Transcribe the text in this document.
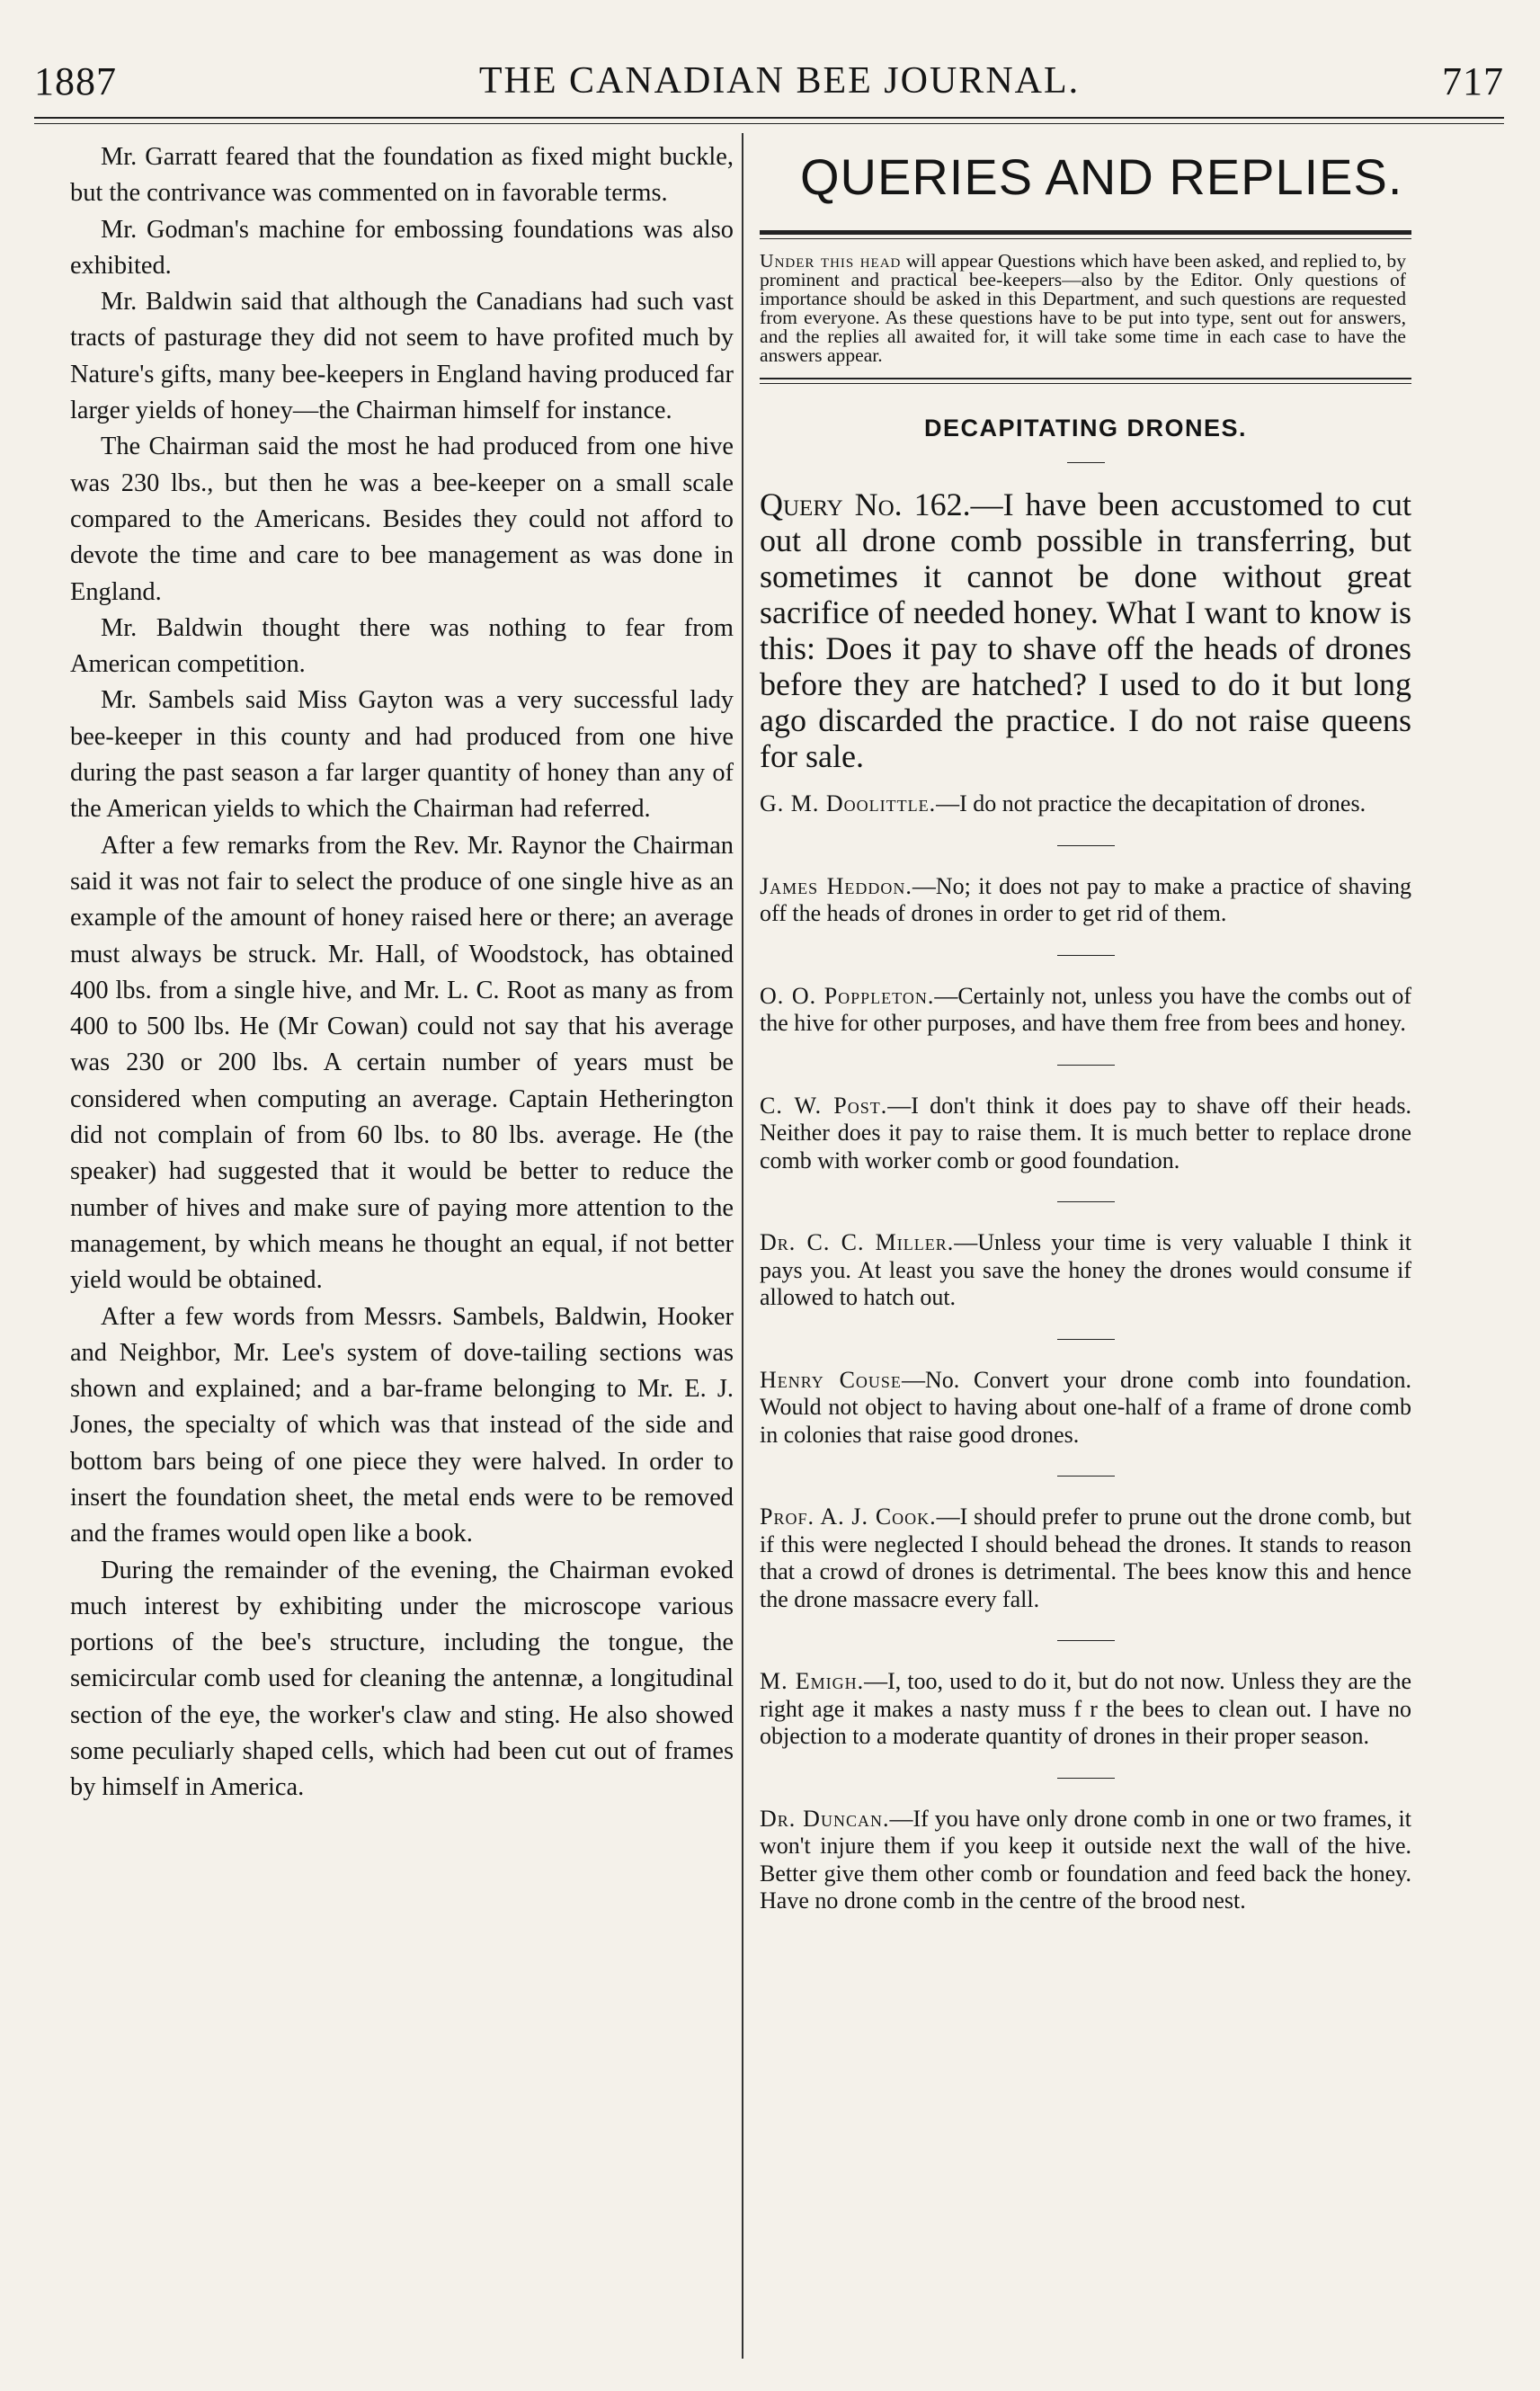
1887	THE CANADIAN BEE JOURNAL.	717

Mr. Garratt feared that the foundation as fixed might buckle, but the contrivance was commented on in favorable terms.

Mr. Godman's machine for embossing foundations was also exhibited.

Mr. Baldwin said that although the Canadians had such vast tracts of pasturage they did not seem to have profited much by Nature's gifts, many bee-keepers in England having produced far larger yields of honey—the Chairman himself for instance.

The Chairman said the most he had produced from one hive was 230 lbs., but then he was a bee-keeper on a small scale compared to the Americans. Besides they could not afford to devote the time and care to bee management as was done in England.

Mr. Baldwin thought there was nothing to fear from American competition.

Mr. Sambels said Miss Gayton was a very successful lady bee-keeper in this county and had produced from one hive during the past season a far larger quantity of honey than any of the American yields to which the Chairman had referred.

After a few remarks from the Rev. Mr. Raynor the Chairman said it was not fair to select the produce of one single hive as an example of the amount of honey raised here or there; an average must always be struck. Mr. Hall, of Woodstock, has obtained 400 lbs. from a single hive, and Mr. L. C. Root as many as from 400 to 500 lbs. He (Mr Cowan) could not say that his average was 230 or 200 lbs. A certain number of years must be considered when computing an average. Captain Hetherington did not complain of from 60 lbs. to 80 lbs. average. He (the speaker) had suggested that it would be better to reduce the number of hives and make sure of paying more attention to the management, by which means he thought an equal, if not better yield would be obtained.

After a few words from Messrs. Sambels, Baldwin, Hooker and Neighbor, Mr. Lee's system of dove-tailing sections was shown and explained; and a bar-frame belonging to Mr. E. J. Jones, the specialty of which was that instead of the side and bottom bars being of one piece they were halved. In order to insert the foundation sheet, the metal ends were to be removed and the frames would open like a book.

During the remainder of the evening, the Chairman evoked much interest by exhibiting under the microscope various portions of the bee's structure, including the tongue, the semicircular comb used for cleaning the antennæ, a longitudinal section of the eye, the worker's claw and sting. He also showed some peculiarly shaped cells, which had been cut out of frames by himself in America.

QUERIES AND REPLIES.
Under this head will appear Questions which have been asked, and replied to, by prominent and practical bee-keepers—also by the Editor. Only questions of importance should be asked in this Department, and such questions are requested from everyone. As these questions have to be put into type, sent out for answers, and the replies all awaited for, it will take some time in each case to have the answers appear.
DECAPITATING DRONES.
Query No. 162.—I have been accustomed to cut out all drone comb possible in transferring, but sometimes it cannot be done without great sacrifice of needed honey. What I want to know is this: Does it pay to shave off the heads of drones before they are hatched? I used to do it but long ago discarded the practice. I do not raise queens for sale.

G. M. Doolittle.—I do not practice the decapitation of drones.

James Heddon.—No; it does not pay to make a practice of shaving off the heads of drones in order to get rid of them.

O. O. Poppleton.—Certainly not, unless you have the combs out of the hive for other purposes, and have them free from bees and honey.

C. W. Post.—I don't think it does pay to shave off their heads. Neither does it pay to raise them. It is much better to replace drone comb with worker comb or good foundation.

Dr. C. C. Miller.—Unless your time is very valuable I think it pays you. At least you save the honey the drones would consume if allowed to hatch out.

Henry Couse—No. Convert your drone comb into foundation. Would not object to having about one-half of a frame of drone comb in colonies that raise good drones.

Prof. A. J. Cook.—I should prefer to prune out the drone comb, but if this were neglected I should behead the drones. It stands to reason that a crowd of drones is detrimental. The bees know this and hence the drone massacre every fall.

M. Emigh.—I, too, used to do it, but do not now. Unless they are the right age it makes a nasty muss f r the bees to clean out. I have no objection to a moderate quantity of drones in their proper season.

Dr. Duncan.—If you have only drone comb in one or two frames, it won't injure them if you keep it outside next the wall of the hive. Better give them other comb or foundation and feed back the honey. Have no drone comb in the centre of the brood nest.
